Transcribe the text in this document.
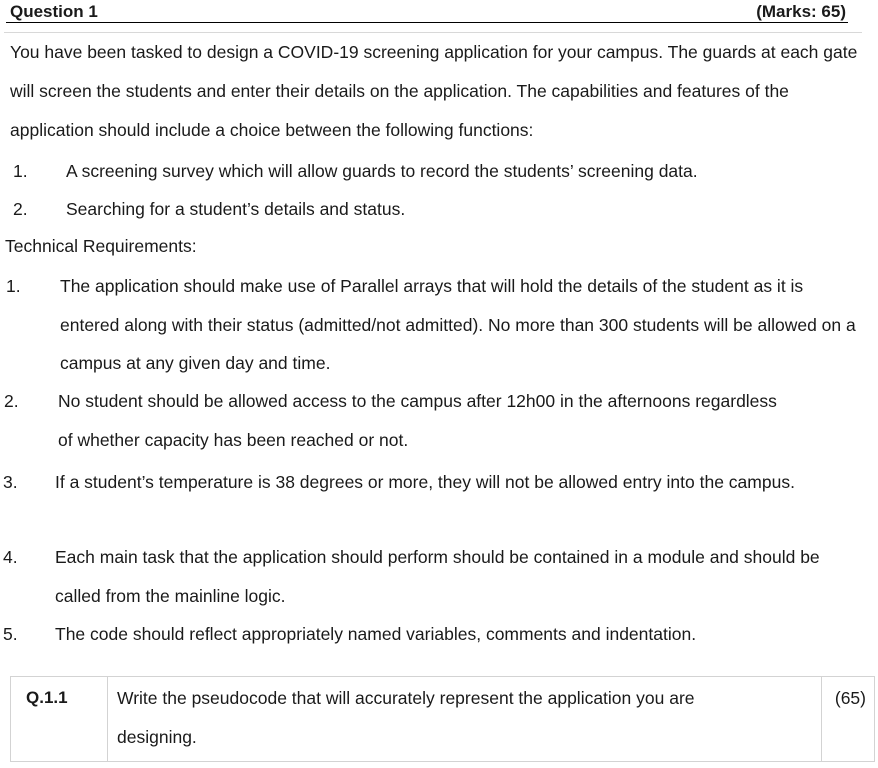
Question 1	(Marks: 65)
You have been tasked to design a COVID-19 screening application for your campus. The guards at each gate will screen the students and enter their details on the application. The capabilities and features of the application should include a choice between the following functions:
1. A screening survey which will allow guards to record the students’ screening data.
2. Searching for a student’s details and status.
Technical Requirements:
1. The application should make use of Parallel arrays that will hold the details of the student as it is entered along with their status (admitted/not admitted). No more than 300 students will be allowed on a campus at any given day and time.
2. No student should be allowed access to the campus after 12h00 in the afternoons regardless of whether capacity has been reached or not.
3. If a student’s temperature is 38 degrees or more, they will not be allowed entry into the campus.
4. Each main task that the application should perform should be contained in a module and should be called from the mainline logic.
5. The code should reflect appropriately named variables, comments and indentation.
Q.1.1	Write the pseudocode that will accurately represent the application you are designing.
(65)
